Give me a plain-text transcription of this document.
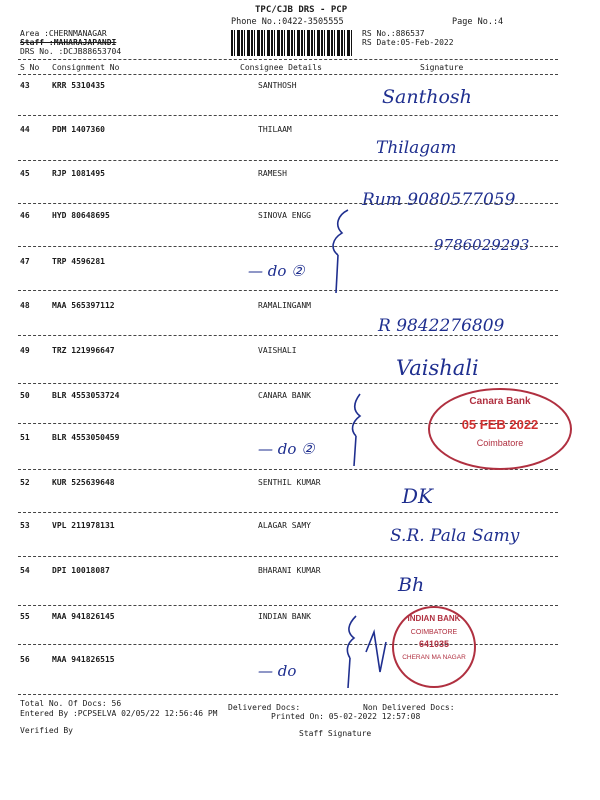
TPC/CJB DRS - PCP
Phone No.:0422-3505555	Page No.:4
Area :CHERNMANAGAR
Staff :MAHARAJAPANDI
DRS No. :DCJB88653704
RS No.:886537
RS Date:05-Feb-2022
S No Consignment No	Consignee Details	Signature
43	KRR 5310435	SANTHOSH
Santhosh
44	PDM 1407360	THILAAM
Thilagam
45	RJP 1081495	RAMESH
Rum 9080577059
46	HYD 80648695	SINOVA ENGG
9786029293
47	TRP 4596281
— do ②
48	MAA 565397112	RAMALINGANM
R 9842276809
49	TRZ 121996647	VAISHALI
Vaishali
50	BLR 4553053724	CANARA BANK
51	BLR 4553050459
— do ②
52	KUR 525639648	SENTHIL KUMAR
DK
53	VPL 211978131	ALAGAR SAMY
S.R. Pala Samy
54	DPI 10018087	BHARANI KUMAR
Bh
55	MAA 941826145	INDIAN BANK
56	MAA 941826515
— do
Canara Bank
05 FEB 2022
Coimbatore
INDIAN BANK
COIMBATORE
641035
CHERAN MA NAGAR
Total No. Of Docs: 56	Delivered Docs:	Non Delivered Docs:
Entered By :PCPSELVA 02/05/22 12:56:46 PM	Printed On: 05-02-2022 12:57:08
Verified By	Staff Signature
